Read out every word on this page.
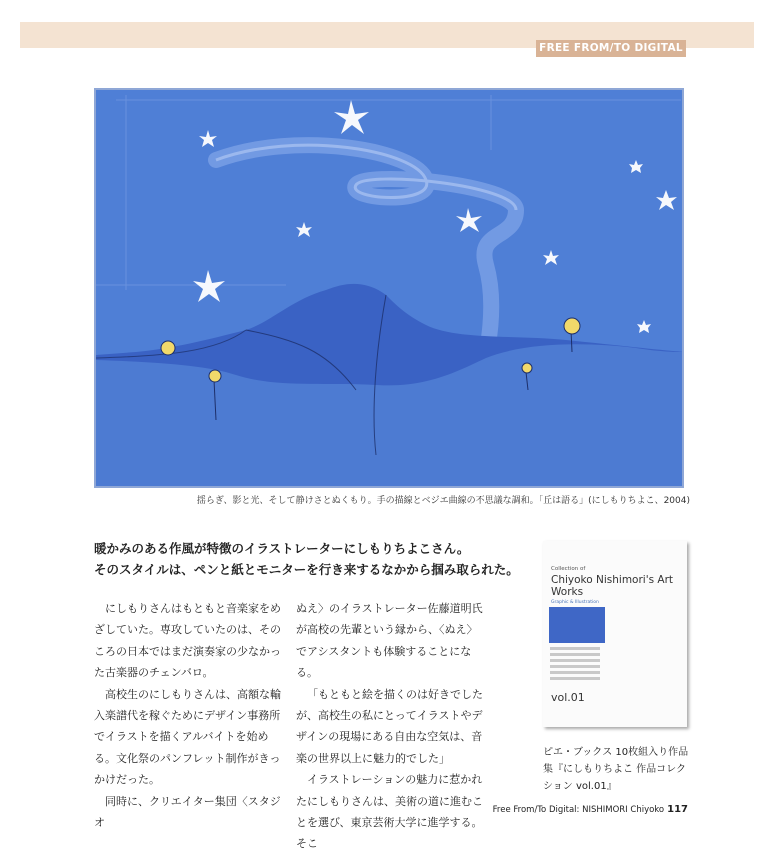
FREE FROM/TO DIGITAL
揺らぎ、影と光、そして静けさとぬくもり。手の描線とベジエ曲線の不思議な調和。「丘は語る」(にしもりちよこ、2004)
暖かみのある作風が特徴のイラストレーターにしもりちよこさん。
そのスタイルは、ペンと紙とモニターを行き来するなかから掴み取られた。

にしもりさんはもともと音楽家をめざしていた。専攻していたのは、そのころの日本ではまだ演奏家の少なかった古楽器のチェンバロ。

高校生のにしもりさんは、高額な輸入楽譜代を稼ぐためにデザイン事務所でイラストを描くアルバイトを始める。文化祭のパンフレット制作がきっかけだった。

同時に、クリエイター集団〈スタジオ

ぬえ〉のイラストレーター佐藤道明氏が高校の先輩という縁から、〈ぬえ〉でアシスタントも体験することになる。

「もともと絵を描くのは好きでしたが、高校生の私にとってイラストやデザインの現場にある自由な空気は、音楽の世界以上に魅力的でした」

イラストレーションの魅力に惹かれたにしもりさんは、美術の道に進むことを選び、東京芸術大学に進学する。そこ

Collection of
Chiyoko Nishimori's Art Works
Graphic & Illustration
vol.01
ピエ・ブックス 10枚組入り作品集『にしもりちよこ 作品コレクション vol.01』
Free From/To Digital: NISHIMORI Chiyoko 117
